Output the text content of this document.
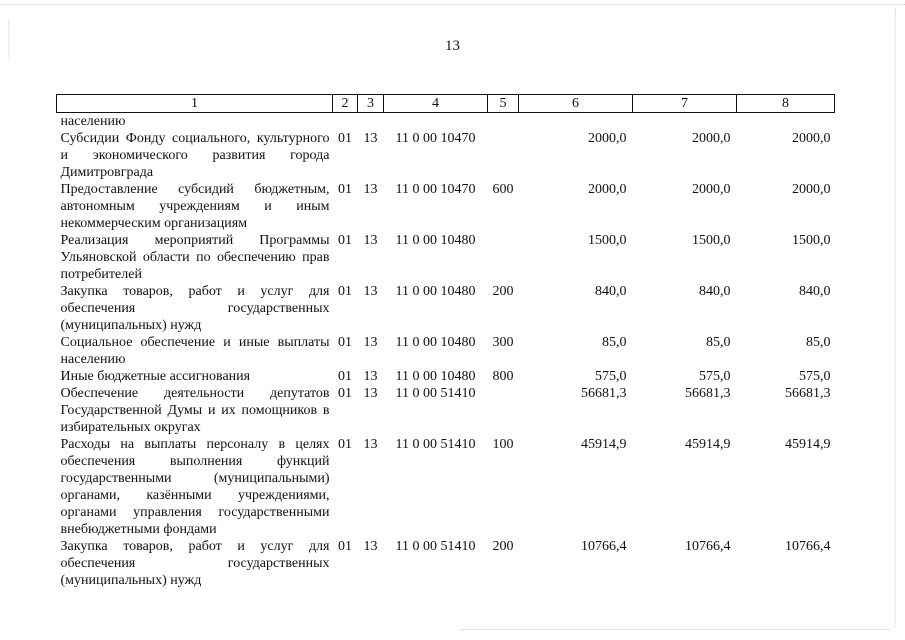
13
1	2	3	4	5	6	7	8
населению							
Субсидии Фонду социального, культурного и экономического развития города Димитровграда	01	13	11 0 00 10470		2000,0	2000,0	2000,0
Предоставление субсидий бюджетным, автономным учреждениям и иным некоммерческим организациям	01	13	11 0 00 10470	600	2000,0	2000,0	2000,0
Реализация мероприятий Программы Ульяновской области по обеспечению прав потребителей	01	13	11 0 00 10480		1500,0	1500,0	1500,0
Закупка товаров, работ и услуг для обеспечения государственных (муниципальных) нужд	01	13	11 0 00 10480	200	840,0	840,0	840,0
Социальное обеспечение и иные выплаты населению	01	13	11 0 00 10480	300	85,0	85,0	85,0
Иные бюджетные ассигнования	01	13	11 0 00 10480	800	575,0	575,0	575,0
Обеспечение деятельности депутатов Государственной Думы и их помощников в избирательных округах	01	13	11 0 00 51410		56681,3	56681,3	56681,3
Расходы на выплаты персоналу в целях обеспечения выполнения функций государственными (муниципальными) органами, казёнными учреждениями, органами управления государственными внебюджетными фондами	01	13	11 0 00 51410	100	45914,9	45914,9	45914,9
Закупка товаров, работ и услуг для обеспечения государственных (муниципальных) нужд	01	13	11 0 00 51410	200	10766,4	10766,4	10766,4
